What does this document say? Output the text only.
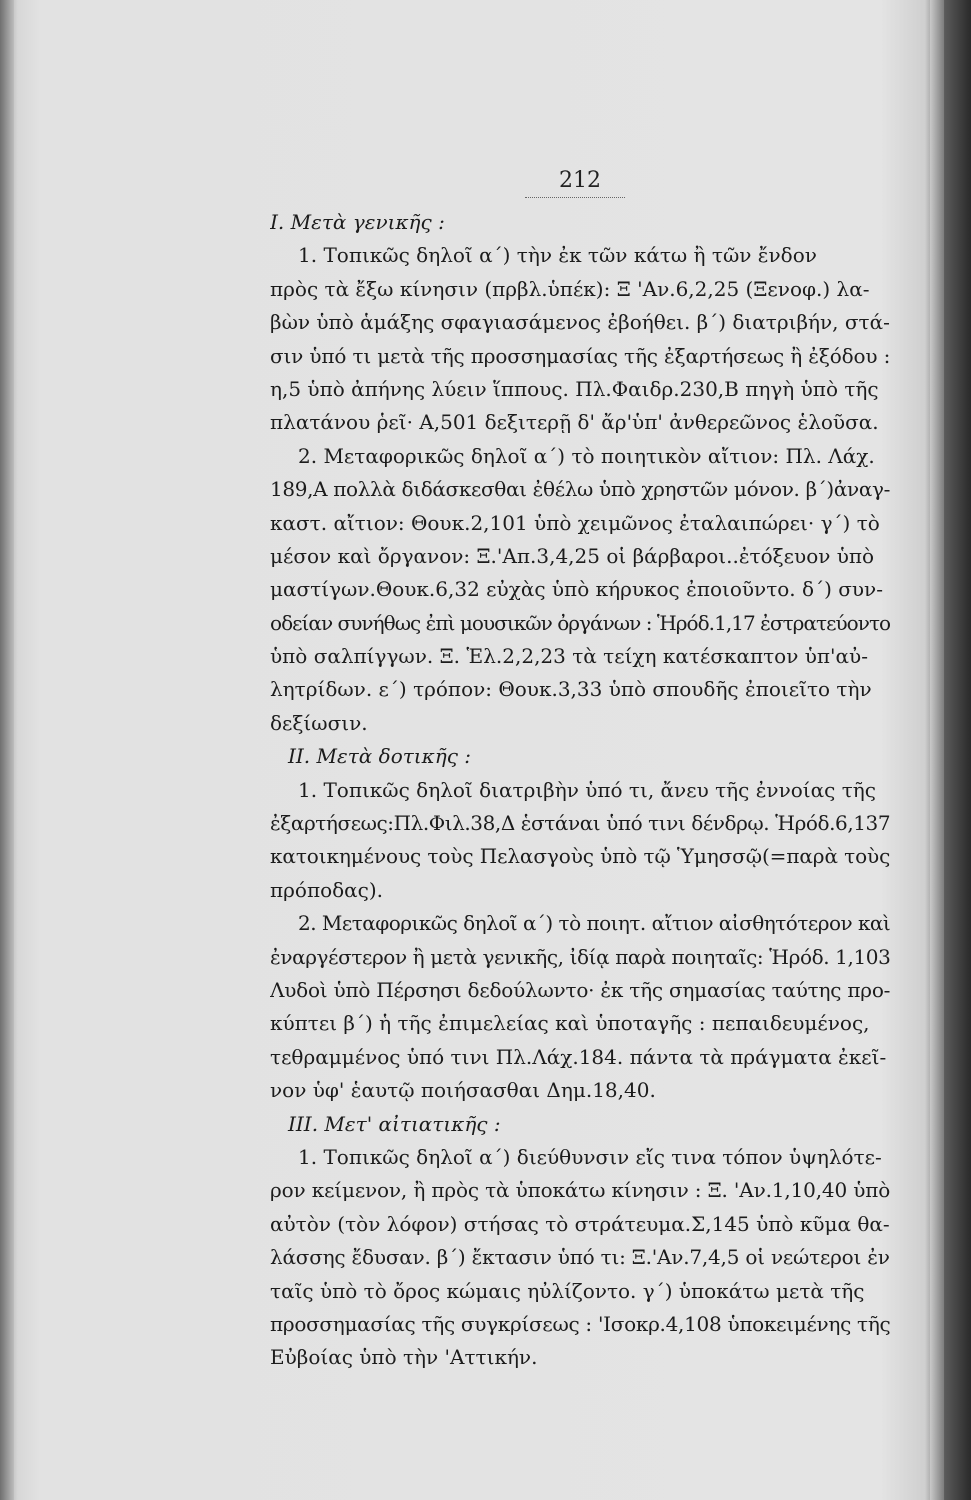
212
Ι. Μετὰ γενικῆς :
1. Τοπικῶς δηλοῖ α΄) τὴν ἐκ τῶν κάτω ἢ τῶν ἔνδον
πρὸς τὰ ἔξω κίνησιν (πρβλ.ὑπέκ): Ξ 'Αν.6,2,25 (Ξενοφ.) λα-
βὼν ὑπὸ ἁμάξης σφαγιασάμενος ἐβοήθει. β΄) διατριβήν, στά-
σιν ὑπό τι μετὰ τῆς προσσημασίας τῆς ἐξαρτήσεως ἢ ἐξόδου :
η,5 ὑπὸ ἀπήνης λύειν ἵππους. Πλ.Φαιδρ.230,Β πηγὴ ὑπὸ τῆς
πλατάνου ῥεῖ· Α,501 δεξιτερῇ δ' ἄρ'ὑπ' ἀνθερεῶνος ἑλοῦσα.
2. Μεταφορικῶς δηλοῖ α΄) τὸ ποιητικὸν αἴτιον: Πλ. Λάχ.
189,Α πολλὰ διδάσκεσθαι ἐθέλω ὑπὸ χρηστῶν μόνον. β΄)ἀναγ-
καστ. αἴτιον: Θουκ.2,101 ὑπὸ χειμῶνος ἐταλαιπώρει· γ΄) τὸ
μέσον καὶ ὄργανον: Ξ.'Απ.3,4,25 οἱ βάρβαροι..ἐτόξευον ὑπὸ
μαστίγων.Θουκ.6,32 εὐχὰς ὑπὸ κήρυκος ἐποιοῦντο. δ΄) συν-
οδείαν συνήθως ἐπὶ μουσικῶν ὀργάνων : Ἡρόδ.1,17 ἐστρατεύοντο
ὑπὸ σαλπίγγων. Ξ. Ἑλ.2,2,23 τὰ τείχη κατέσκαπτον ὑπ'αὐ-
λητρίδων. ε΄) τρόπον: Θουκ.3,33 ὑπὸ σπουδῆς ἐποιεῖτο τὴν
δεξίωσιν.
ΙΙ. Μετὰ δοτικῆς :
1. Τοπικῶς δηλοῖ διατριβὴν ὑπό τι, ἄνευ τῆς ἐννοίας τῆς
ἐξαρτήσεως:Πλ.Φιλ.38,Δ ἑστάναι ὑπό τινι δένδρῳ. Ἡρόδ.6,137
κατοικημένους τοὺς Πελασγοὺς ὑπὸ τῷ Ὑμησσῷ(=παρὰ τοὺς
πρόποδας).
2. Μεταφορικῶς δηλοῖ α΄) τὸ ποιητ. αἴτιον αἰσθητότερον καὶ
ἐναργέστερον ἢ μετὰ γενικῆς, ἰδίᾳ παρὰ ποιηταῖς: Ἡρόδ. 1,103
Λυδοὶ ὑπὸ Πέρσησι δεδούλωντο· ἐκ τῆς σημασίας ταύτης προ-
κύπτει β΄) ἡ τῆς ἐπιμελείας καὶ ὑποταγῆς : πεπαιδευμένος,
τεθραμμένος ὑπό τινι Πλ.Λάχ.184. πάντα τὰ πράγματα ἐκεῖ-
νον ὑφ' ἑαυτῷ ποιήσασθαι Δημ.18,40.
ΙΙΙ. Μετ' αἰτιατικῆς :
1. Τοπικῶς δηλοῖ α΄) διεύθυνσιν εἴς τινα τόπον ὑψηλότε-
ρον κείμενον, ἢ πρὸς τὰ ὑποκάτω κίνησιν : Ξ. 'Αν.1,10,40 ὑπὸ
αὐτὸν (τὸν λόφον) στήσας τὸ στράτευμα.Σ,145 ὑπὸ κῦμα θα-
λάσσης ἔδυσαν. β΄) ἔκτασιν ὑπό τι: Ξ.'Αν.7,4,5 οἱ νεώτεροι ἐν
ταῖς ὑπὸ τὸ ὄρος κώμαις ηὐλίζοντο. γ΄) ὑποκάτω μετὰ τῆς
προσσημασίας τῆς συγκρίσεως : 'Ισοκρ.4,108 ὑποκειμένης τῆς
Εὐβοίας ὑπὸ τὴν 'Αττικήν.
